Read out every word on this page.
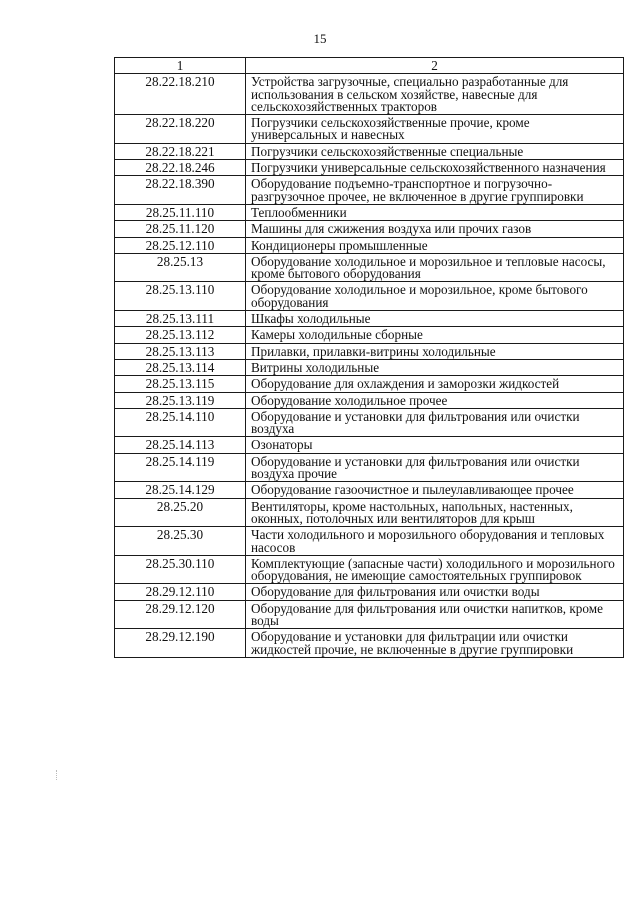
15
1	2
28.22.18.210	Устройства загрузочные, специально разработанные для использования в сельском хозяйстве, навесные для сельскохозяйственных тракторов
28.22.18.220	Погрузчики сельскохозяйственные прочие, кроме универсальных и навесных
28.22.18.221	Погрузчики сельскохозяйственные специальные
28.22.18.246	Погрузчики универсальные сельскохозяйственного назначения
28.22.18.390	Оборудование подъемно-транспортное и погрузочно-разгрузочное прочее, не включенное в другие группировки
28.25.11.110	Теплообменники
28.25.11.120	Машины для сжижения воздуха или прочих газов
28.25.12.110	Кондиционеры промышленные
28.25.13	Оборудование холодильное и морозильное и тепловые насосы, кроме бытового оборудования
28.25.13.110	Оборудование холодильное и морозильное, кроме бытового оборудования
28.25.13.111	Шкафы холодильные
28.25.13.112	Камеры холодильные сборные
28.25.13.113	Прилавки, прилавки-витрины холодильные
28.25.13.114	Витрины холодильные
28.25.13.115	Оборудование для охлаждения и заморозки жидкостей
28.25.13.119	Оборудование холодильное прочее
28.25.14.110	Оборудование и установки для фильтрования или очистки воздуха
28.25.14.113	Озонаторы
28.25.14.119	Оборудование и установки для фильтрования или очистки воздуха прочие
28.25.14.129	Оборудование газоочистное и пылеулавливающее прочее
28.25.20	Вентиляторы, кроме настольных, напольных, настенных, оконных, потолочных или вентиляторов для крыш
28.25.30	Части холодильного и морозильного оборудования и тепловых насосов
28.25.30.110	Комплектующие (запасные части) холодильного и морозильного оборудования, не имеющие самостоятельных группировок
28.29.12.110	Оборудование для фильтрования или очистки воды
28.29.12.120	Оборудование для фильтрования или очистки напитков, кроме воды
28.29.12.190	Оборудование и установки для фильтрации или очистки жидкостей прочие, не включенные в другие группировки
